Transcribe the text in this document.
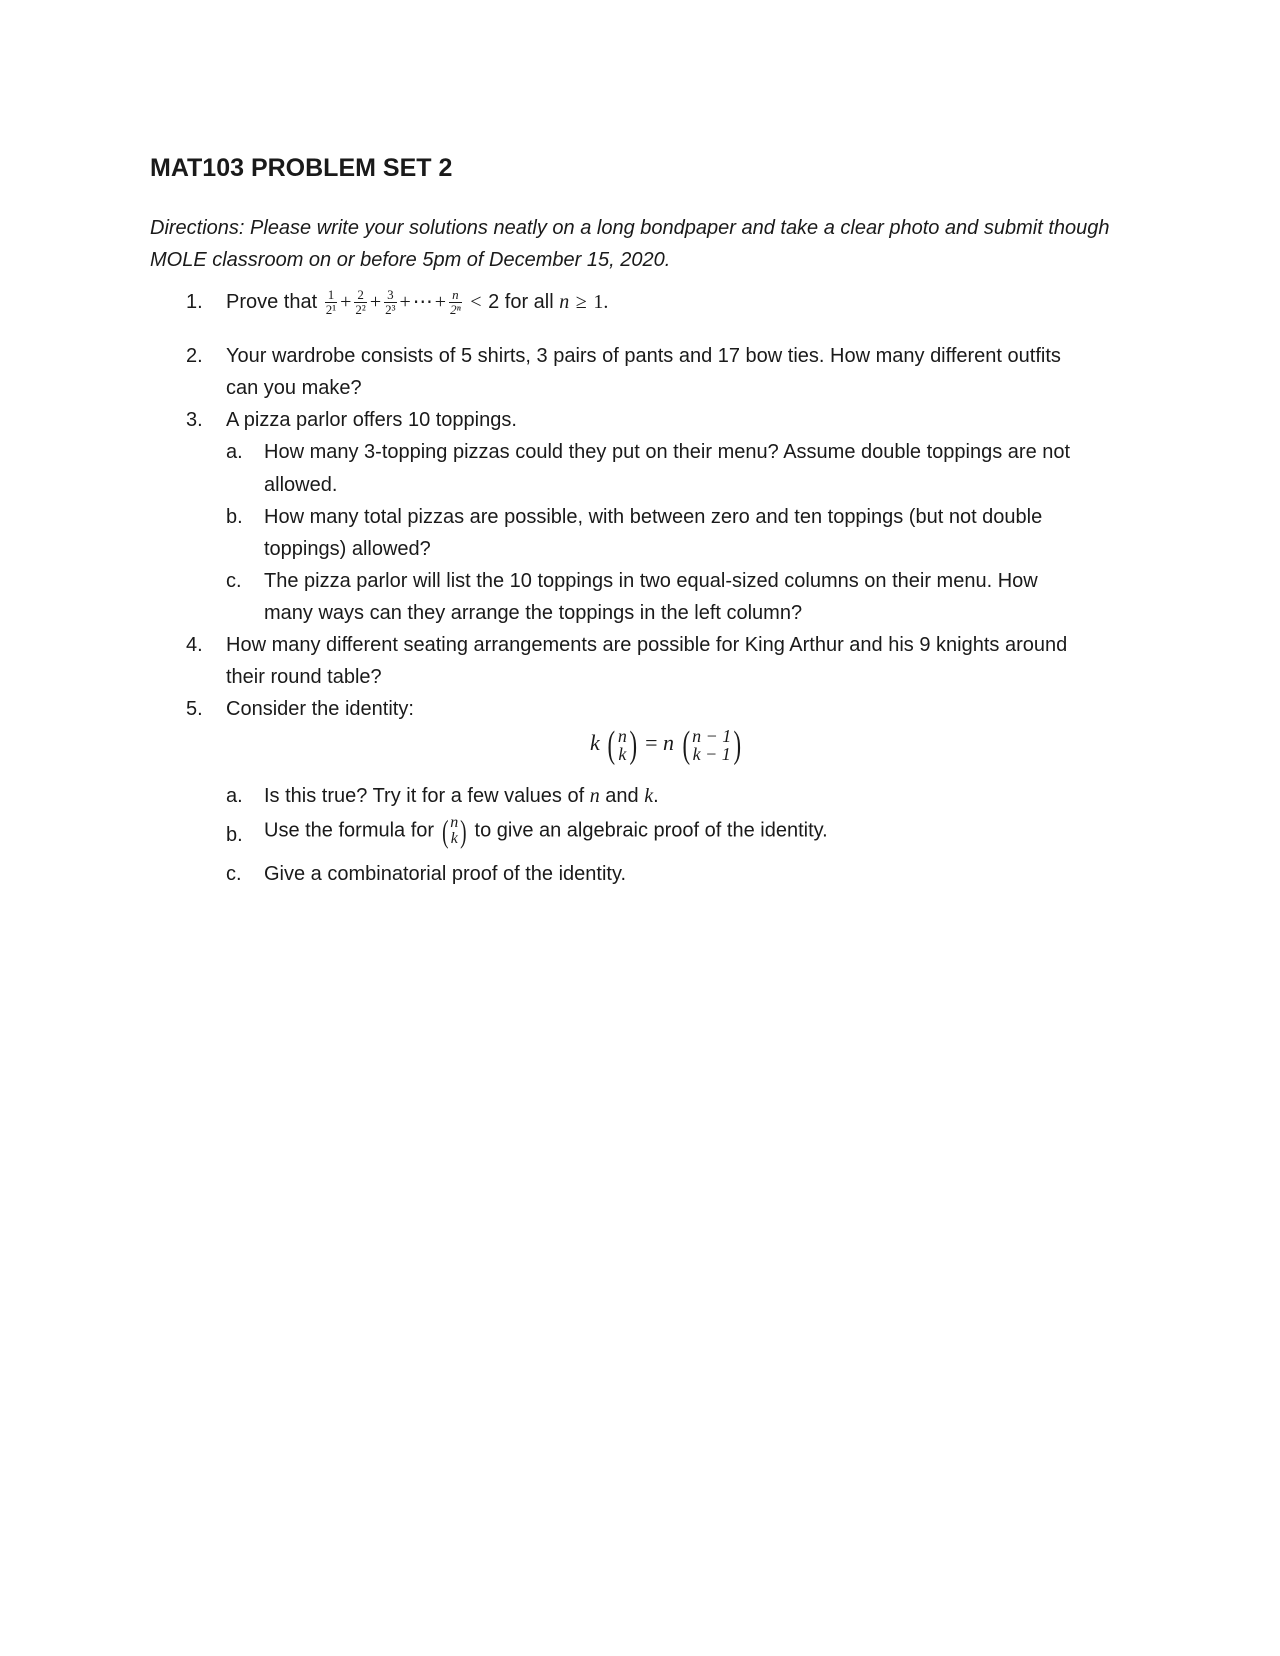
MAT103 PROBLEM SET 2
Directions: Please write your solutions neatly on a long bondpaper and take a clear photo and submit though MOLE classroom on or before 5pm of December 15, 2020.
1. Prove that $\frac{1}{\text{2¹}} + \frac{2}{\text{2²}} + \frac{3}{\text{2³}}$ + ⋯ + $\frac{n}{\text{2ⁿ}} < 2$ for all n ≥ 1.
2. Your wardrobe consists of 5 shirts, 3 pairs of pants and 17 bow ties. How many different outfits
can you make?
3. A pizza parlor offers 10 toppings.
a. How many 3-topping pizzas could they put on their menu? Assume double toppings are not
allowed.
b. How many total pizzas are possible, with between zero and ten toppings (but not double
toppings) allowed?
c. The pizza parlor will list the 10 toppings in two equal-sized columns on their menu. How
many ways can they arrange the toppings in the left column?
4. How many different seating arrangements are possible for King Arthur and his 9 knights around
their round table?
5. Consider the identity:
k ( n
k ) = n ( n − 1
k − 1 )
a. Is this true? Try it for a few values of n and k.
b. Use the formula for ( n
k ) to give an algebraic proof of the identity.
c. Give a combinatorial proof of the identity.
